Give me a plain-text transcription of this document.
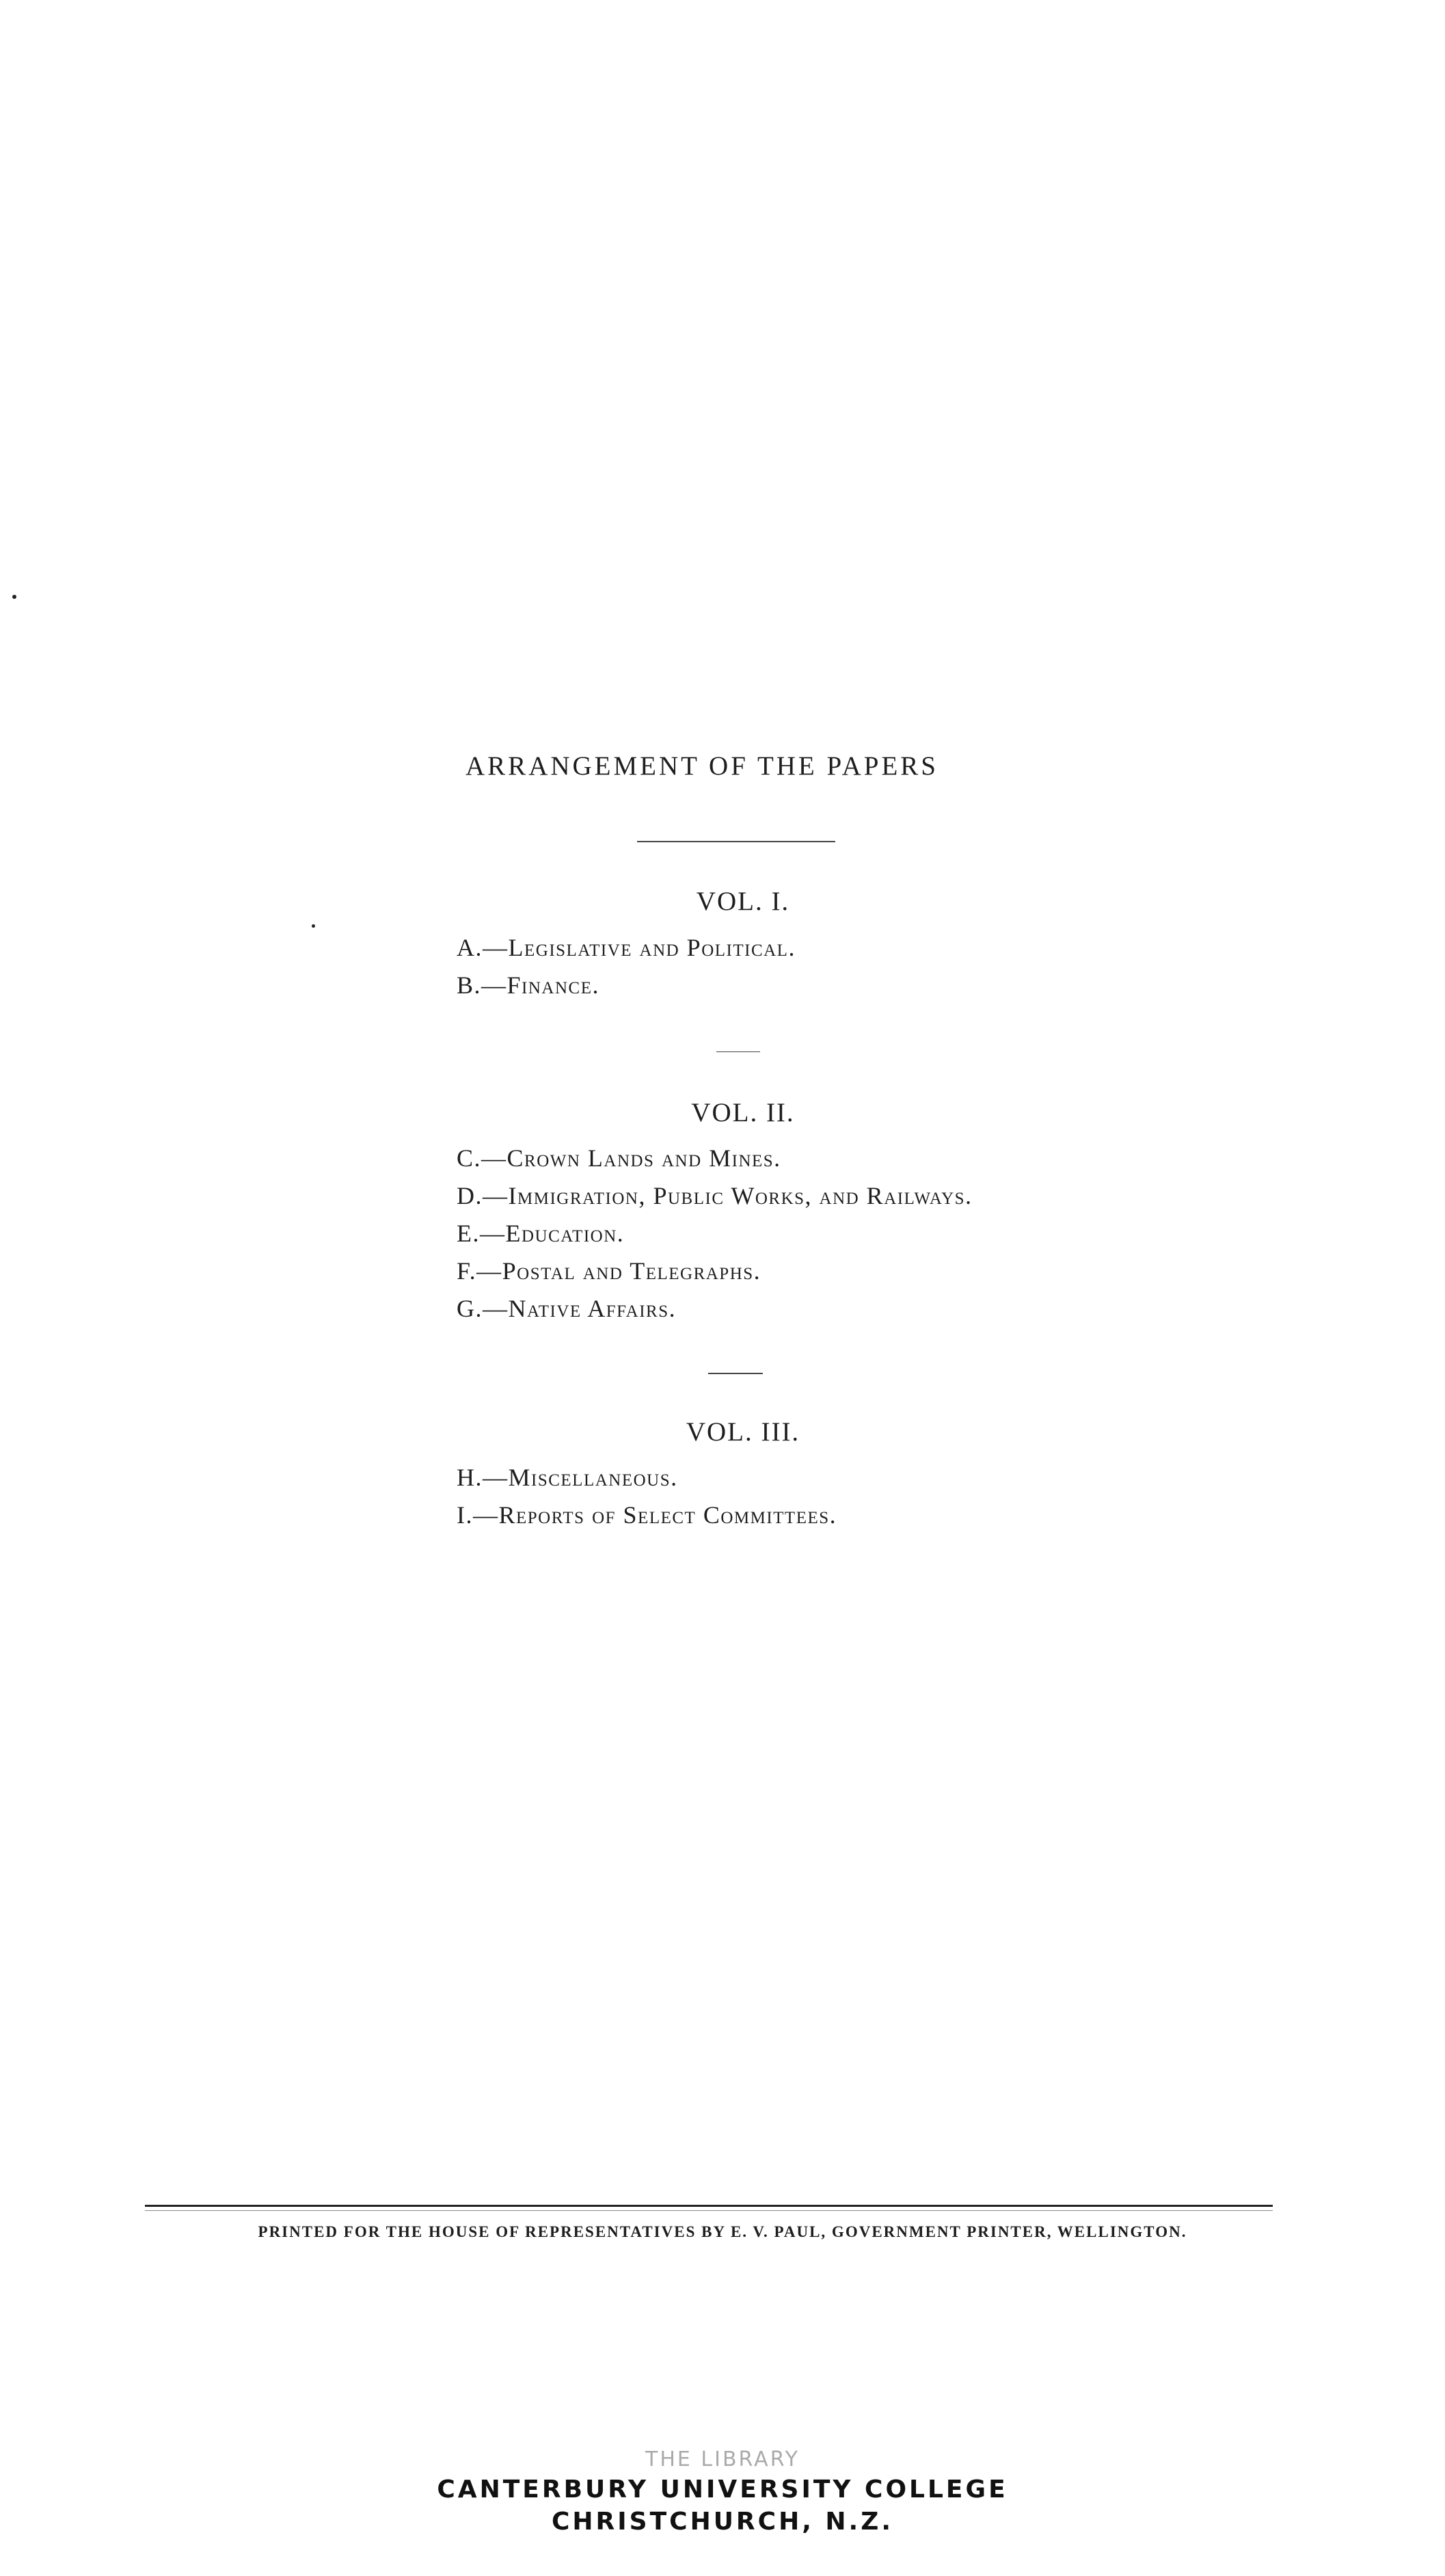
ARRANGEMENT OF THE PAPERS
VOL. I.
A.—Legislative and Political.
B.—Finance.
VOL. II.
C.—Crown Lands and Mines.
D.—Immigration, Public Works, and Railways.
E.—Education.
F.—Postal and Telegraphs.
G.—Native Affairs.
VOL. III.
H.—Miscellaneous.
I.—Reports of Select Committees.
PRINTED FOR THE HOUSE OF REPRESENTATIVES BY E. V. PAUL, GOVERNMENT PRINTER, WELLINGTON.
THE LIBRARY
CANTERBURY UNIVERSITY COLLEGE
CHRISTCHURCH, N.Z.
